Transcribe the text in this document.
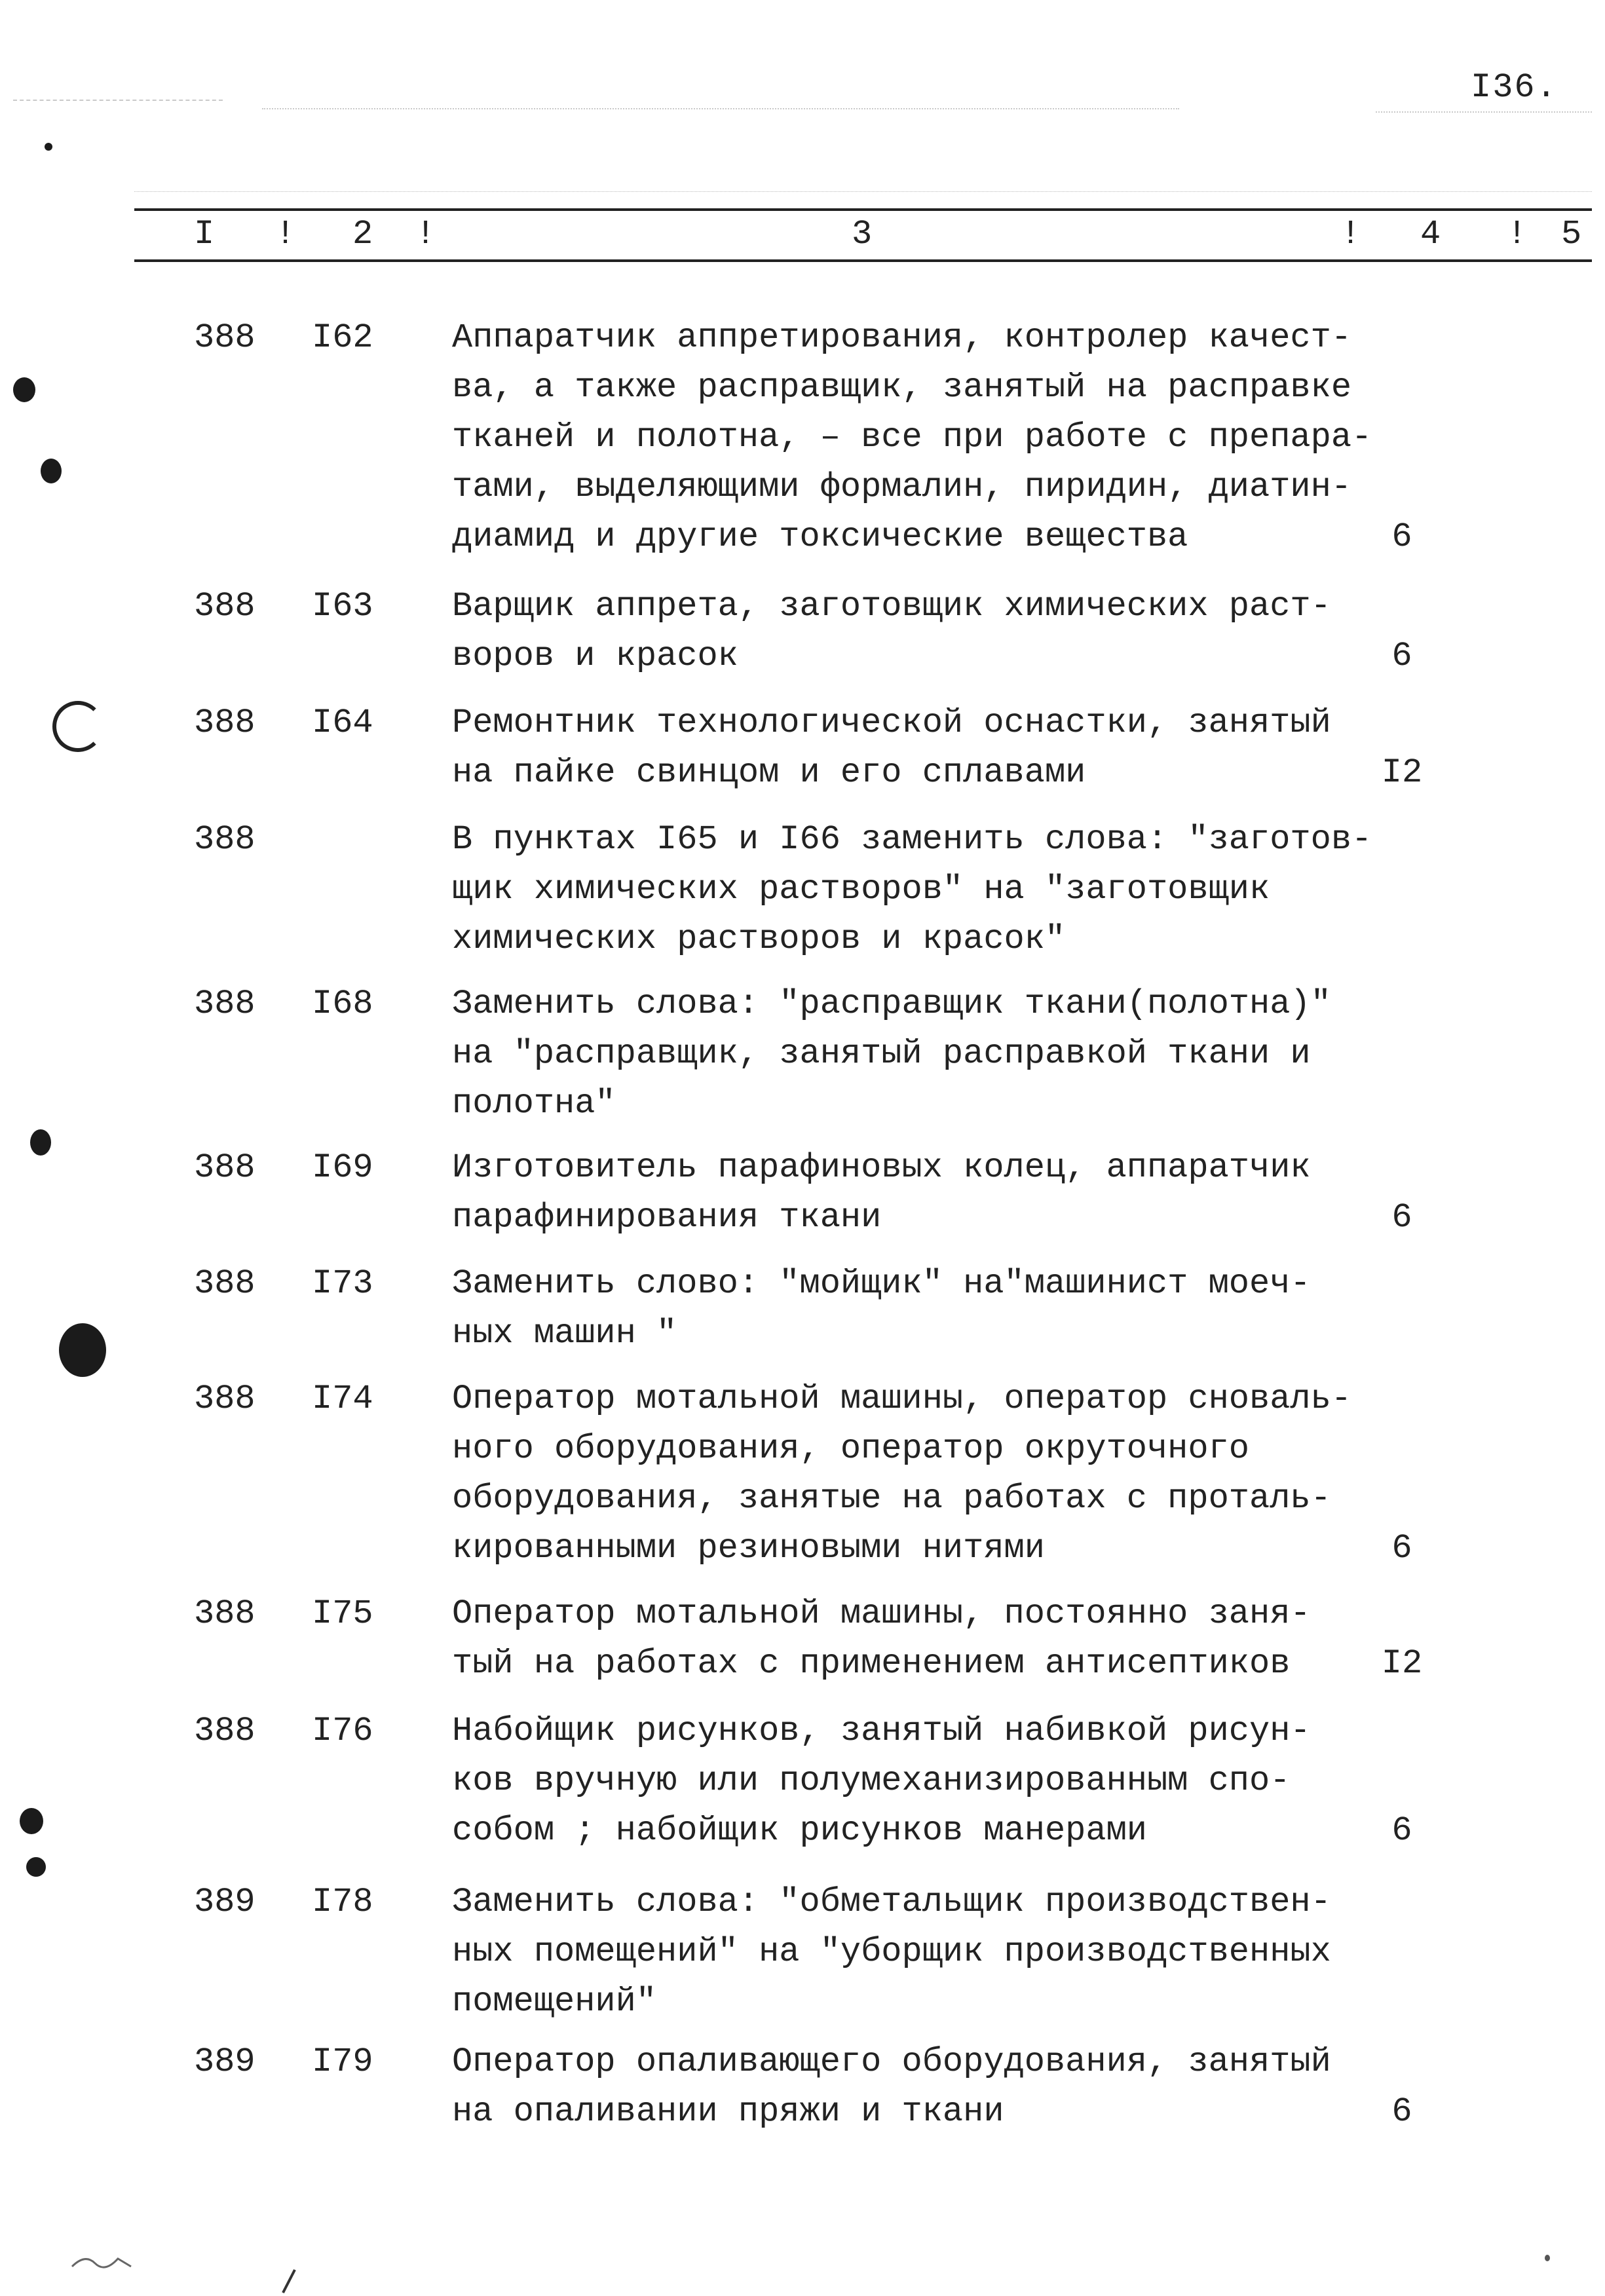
I36.
I ! 2 !	3	! 4 ! 5
388 I62 Аппаратчик аппретирования, контролер качест-
ва, а также расправщик, занятый на расправке
тканей и полотна, – все при работе с препара-
тами, выделяющими формалин, пиридин, диатин-
диамид и другие токсические вещества	6
388 I63 Варщик аппрета, заготовщик химических раст-
воров и красок	6
388 I64 Ремонтник технологической оснастки, занятый
на пайке свинцом и его сплавами	I2
388	В пунктах I65 и I66 заменить слова: "заготов-
щик химических растворов" на "заготовщик
химических растворов и красок"
388 I68 Заменить слова: "расправщик ткани(полотна)"
на "расправщик, занятый расправкой ткани и
полотна"
388 I69 Изготовитель парафиновых колец, аппаратчик
парафинирования ткани	6
388 I73 Заменить слово: "мойщик" на"машинист моеч-
ных машин "
388 I74 Оператор мотальной машины, оператор сноваль-
ного оборудования, оператор окруточного
оборудования, занятые на работах с проталь-
кированными резиновыми нитями	6
388 I75 Оператор мотальной машины, постоянно заня-
тый на работах с применением антисептиков	I2
388 I76 Набойщик рисунков, занятый набивкой рисун-
ков вручную или полумеханизированным спо-
собом ; набойщик рисунков манерами	6
389 I78 Заменить слова: "обметальщик производствен-
ных помещений" на "уборщик производственных
помещений"
389 I79 Оператор опаливающего оборудования, занятый
на опаливании пряжи и ткани	6
